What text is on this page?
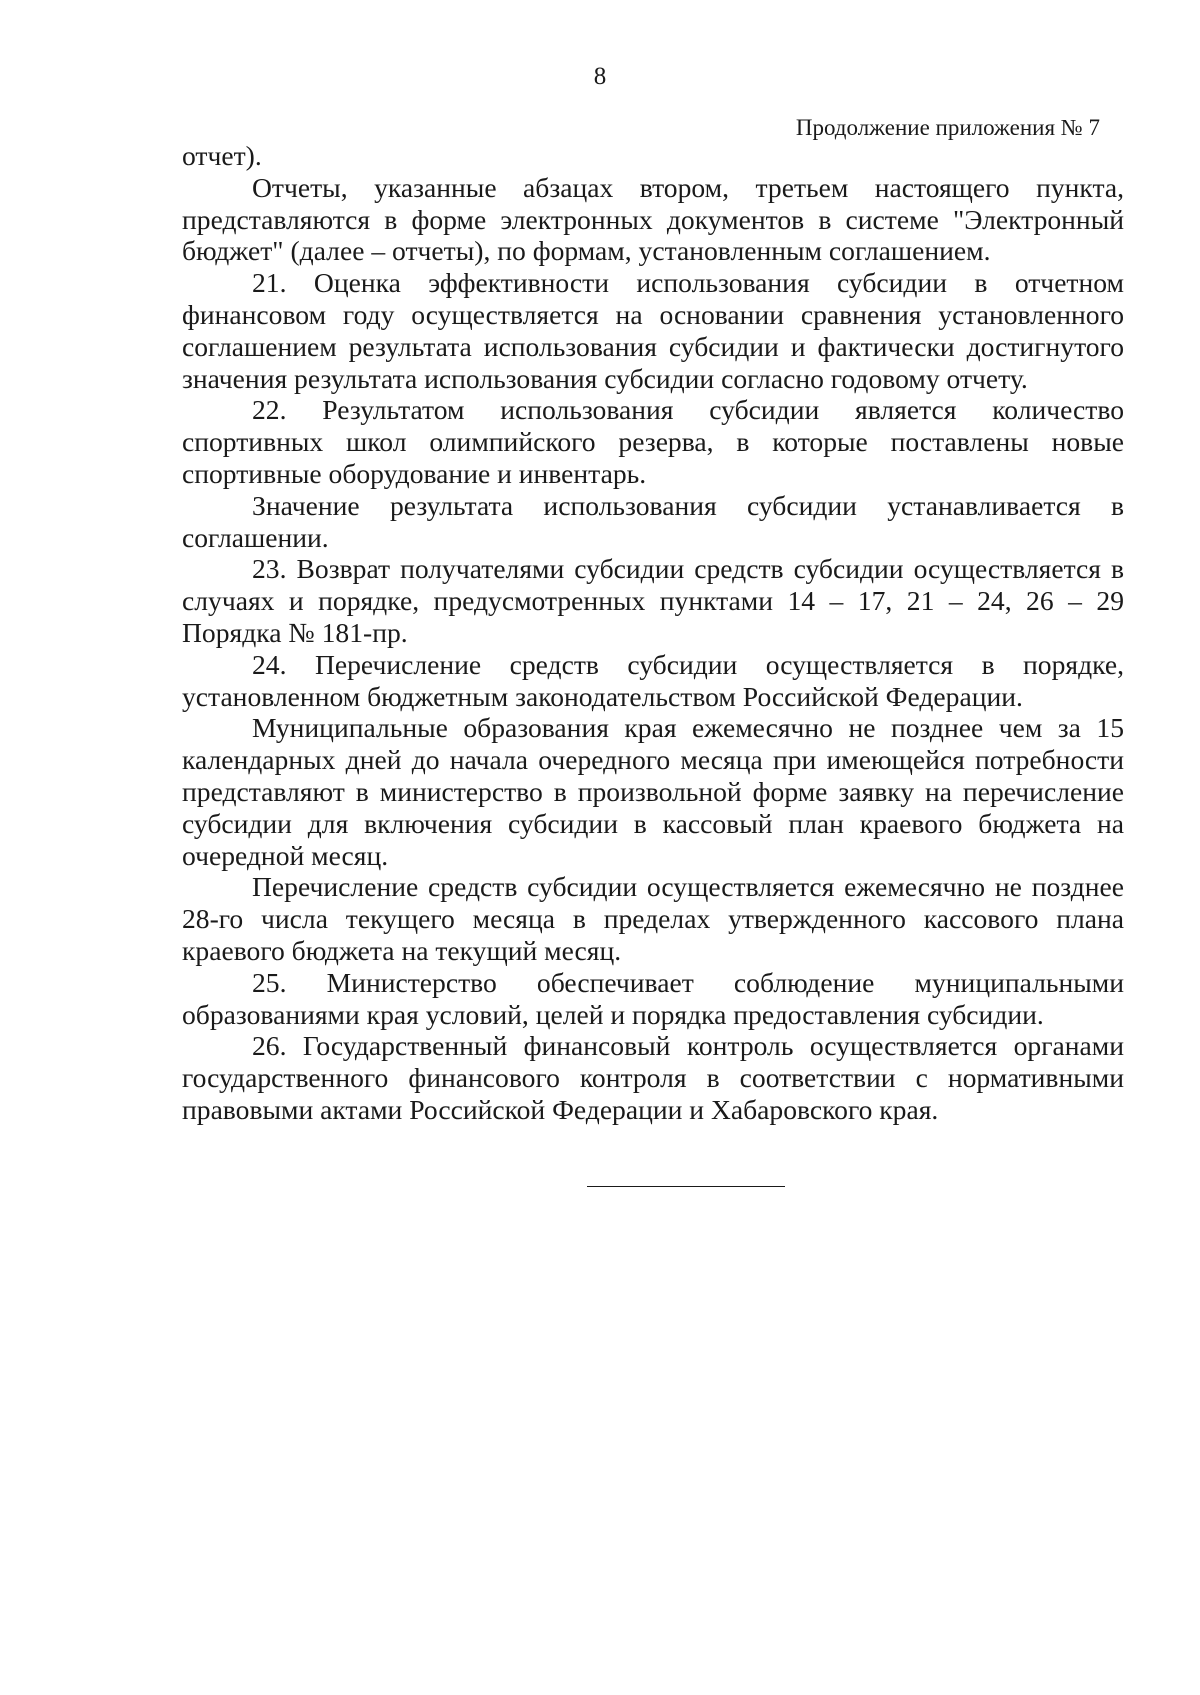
8
Продолжение приложения № 7

отчет).

Отчеты, указанные абзацах втором, третьем настоящего пункта, представляются в форме электронных документов в системе "Электронный бюджет" (далее – отчеты), по формам, установленным соглашением.

21. Оценка эффективности использования субсидии в отчетном финансовом году осуществляется на основании сравнения установленного соглашением результата использования субсидии и фактически достигнутого значения результата использования субсидии согласно годовому отчету.

22. Результатом использования субсидии является количество спортивных школ олимпийского резерва, в которые поставлены новые спортивные оборудование и инвентарь.

Значение результата использования субсидии устанавливается в соглашении.

23. Возврат получателями субсидии средств субсидии осуществляется в случаях и порядке, предусмотренных пунктами 14 – 17, 21 – 24, 26 – 29 Порядка № 181-пр.

24. Перечисление средств субсидии осуществляется в порядке, установленном бюджетным законодательством Российской Федерации.

Муниципальные образования края ежемесячно не позднее чем за 15 календарных дней до начала очередного месяца при имеющейся потребности представляют в министерство в произвольной форме заявку на перечисление субсидии для включения субсидии в кассовый план краевого бюджета на очередной месяц.

Перечисление средств субсидии осуществляется ежемесячно не позднее 28-го числа текущего месяца в пределах утвержденного кассового плана краевого бюджета на текущий месяц.

25. Министерство обеспечивает соблюдение муниципальными образованиями края условий, целей и порядка предоставления субсидии.

26. Государственный финансовый контроль осуществляется органами государственного финансового контроля в соответствии с нормативными правовыми актами Российской Федерации и Хабаровского края.
